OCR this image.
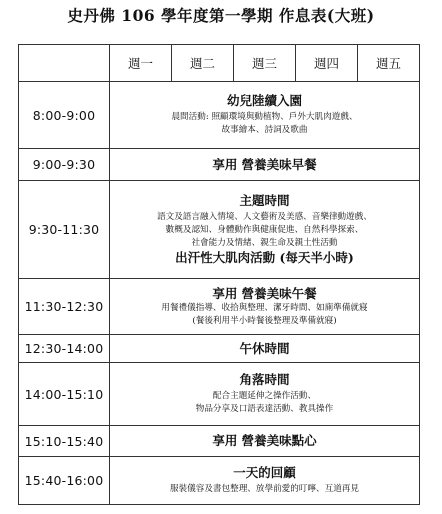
史丹佛 106 學年度第一學期 作息表(大班)
	週一	週二	週三	週四	週五
8:00-9:00	幼兒陸續入園
晨間活動: 照顧環境與動植物、戶外大肌肉遊戲、
故事繪本、詩詞及歌曲				

9:00-9:30	享用 營養美味早餐				

9:30-11:30	主題時間
語文及語言融入情境、人文藝術及美感、音樂律動遊戲、
數概及認知、身體動作與健康促進、自然科學探索、
社會能力及情緒、親生命及親土性活動
出汗性大肌肉活動 (每天半小時)				

11:30-12:30	享用 營養美味午餐
用餐禮儀指導、收拾與整理、潔牙時間、如廁準備就寢
(餐後利用半小時餐後整理及準備就寢)				

12:30-14:00	午休時間				

14:00-15:10	角落時間
配合主題延伸之操作活動、
物品分享及口語表達活動、教具操作				

15:10-15:40	享用 營養美味點心				

15:40-16:00	一天的回顧
服裝儀容及書包整理、放學前愛的叮嚀、互道再見				
